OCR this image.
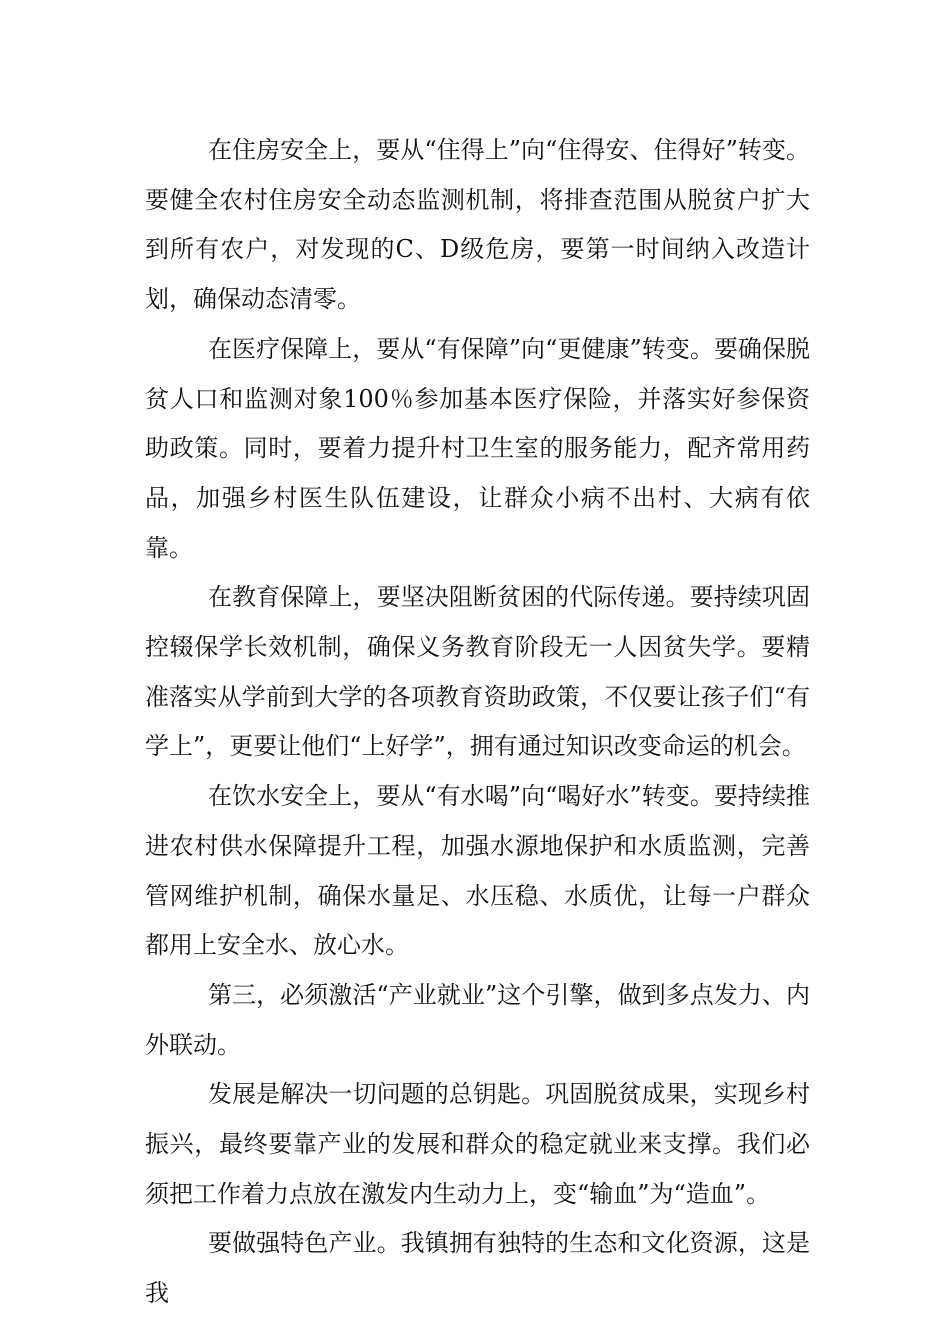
在住房安全上，要从“住得上”向“住得安、住得好”转变。要健全农村住房安全动态监测机制，将排查范围从脱贫户扩大到所有农户，对发现的C、D级危房，要第一时间纳入改造计划，确保动态清零。

在医疗保障上，要从“有保障”向“更健康”转变。要确保脱贫人口和监测对象100％参加基本医疗保险，并落实好参保资助政策。同时，要着力提升村卫生室的服务能力，配齐常用药品，加强乡村医生队伍建设，让群众小病不出村、大病有依靠。

在教育保障上，要坚决阻断贫困的代际传递。要持续巩固控辍保学长效机制，确保义务教育阶段无一人因贫失学。要精准落实从学前到大学的各项教育资助政策，不仅要让孩子们“有学上”，更要让他们“上好学”，拥有通过知识改变命运的机会。

在饮水安全上，要从“有水喝”向“喝好水”转变。要持续推进农村供水保障提升工程，加强水源地保护和水质监测，完善管网维护机制，确保水量足、水压稳、水质优，让每一户群众都用上安全水、放心水。

第三，必须激活“产业就业”这个引擎，做到多点发力、内外联动。

发展是解决一切问题的总钥匙。巩固脱贫成果，实现乡村振兴，最终要靠产业的发展和群众的稳定就业来支撑。我们必须把工作着力点放在激发内生动力上，变“输血”为“造血”。

要做强特色产业。我镇拥有独特的生态和文化资源，这是我
